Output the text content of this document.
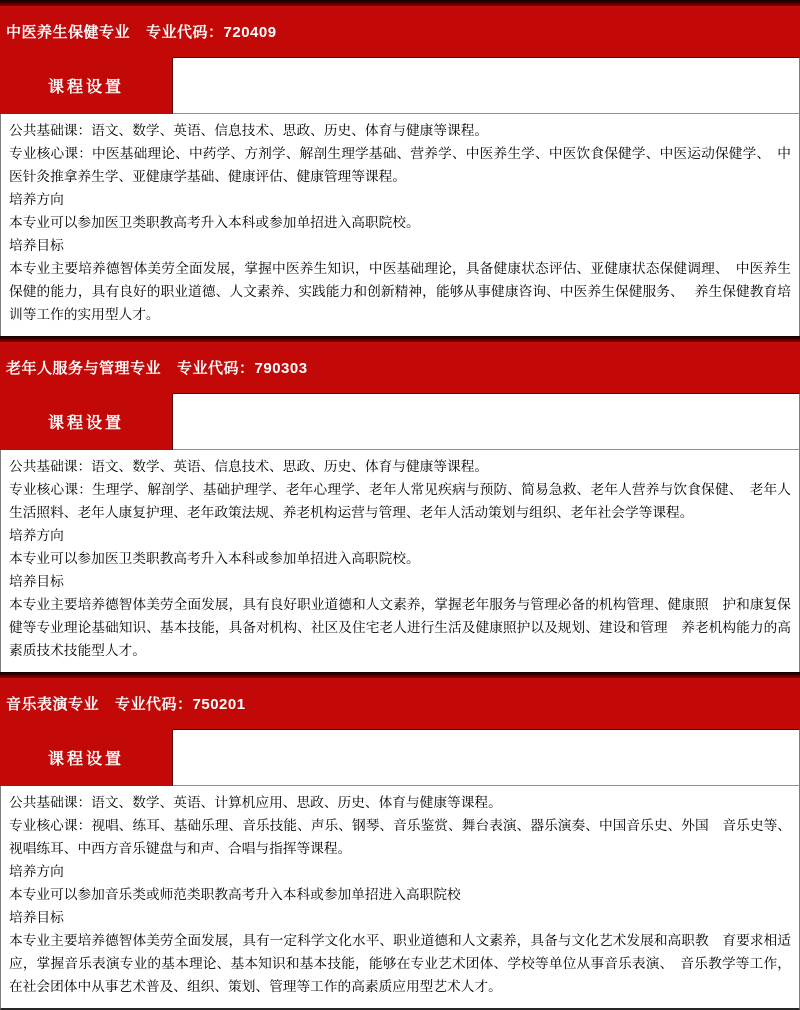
中医养生保健专业 专业代码：720409
课程设置

公共基础课：语文、数学、英语、信息技术、思政、历史、体育与健康等课程。

专业核心课：中医基础理论、中药学、方剂学、解剖生理学基础、营养学、中医养生学、中医饮食保健学、中医运动保健学、　中医针灸推拿养生学、亚健康学基础、健康评估、健康管理等课程。

培养方向

本专业可以参加医卫类职教高考升入本科或参加单招进入高职院校。

培养目标

本专业主要培养德智体美劳全面发展，掌握中医养生知识，中医基础理论，具备健康状态评估、亚健康状态保健调理、　中医养生保健的能力，具有良好的职业道德、人文素养、实践能力和创新精神，能够从事健康咨询、中医养生保健服务、　 养生保健教育培训等工作的实用型人才。

老年人服务与管理专业 专业代码：790303
课程设置

公共基础课：语文、数学、英语、信息技术、思政、历史、体育与健康等课程。

专业核心课：生理学、解剖学、基础护理学、老年心理学、老年人常见疾病与预防、简易急救、老年人营养与饮食保健、　老年人生活照料、老年人康复护理、老年政策法规、养老机构运营与管理、老年人活动策划与组织、老年社会学等课程。

培养方向

本专业可以参加医卫类职教高考升入本科或参加单招进入高职院校。

培养目标

本专业主要培养德智体美劳全面发展，具有良好职业道德和人文素养，掌握老年服务与管理必备的机构管理、健康照　护和康复保健等专业理论基础知识、基本技能，具备对机构、社区及住宅老人进行生活及健康照护以及规划、建设和管理　养老机构能力的高素质技术技能型人才。

音乐表演专业 专业代码：750201
课程设置

公共基础课：语文、数学、英语、计算机应用、思政、历史、体育与健康等课程。

专业核心课：视唱、练耳、基础乐理、音乐技能、声乐、钢琴、音乐鉴赏、舞台表演、器乐演奏、中国音乐史、外国　音乐史等、视唱练耳、中西方音乐键盘与和声、合唱与指挥等课程。

培养方向

本专业可以参加音乐类或师范类职教高考升入本科或参加单招进入高职院校

培养目标

本专业主要培养德智体美劳全面发展，具有一定科学文化水平、职业道德和人文素养，具备与文化艺术发展和高职教　育要求相适应，掌握音乐表演专业的基本理论、基本知识和基本技能，能够在专业艺术团体、学校等单位从事音乐表演、　音乐教学等工作，在社会团体中从事艺术普及、组织、策划、管理等工作的高素质应用型艺术人才。
